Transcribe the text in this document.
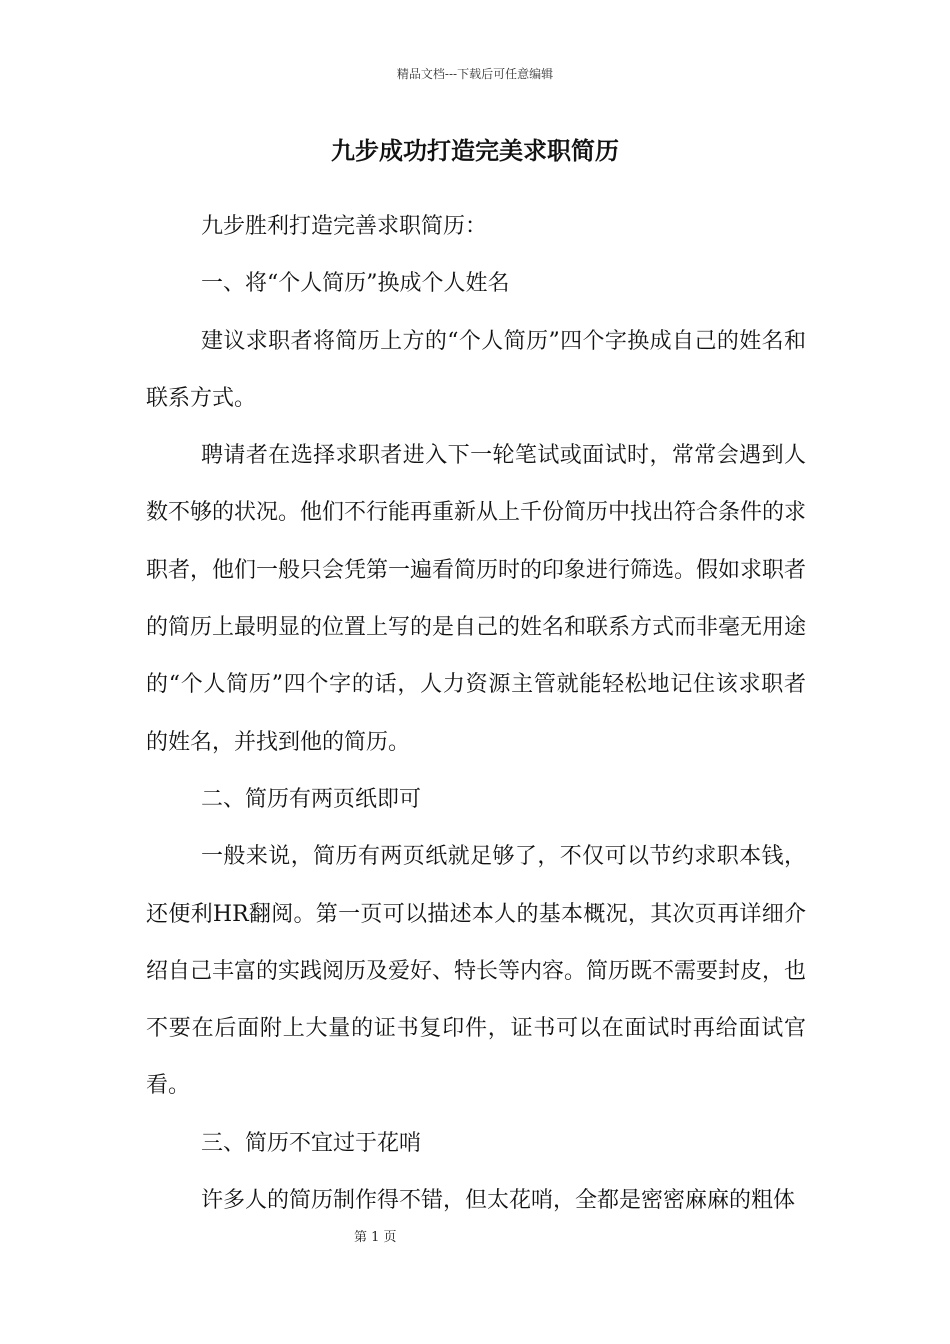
精品文档---下载后可任意编辑
九步成功打造完美求职简历

九步胜利打造完善求职简历：

一、将“个人简历”换成个人姓名

建议求职者将简历上方的“个人简历”四个字换成自己的姓名和联系方式。

聘请者在选择求职者进入下一轮笔试或面试时，常常会遇到人数不够的状况。他们不行能再重新从上千份简历中找出符合条件的求职者，他们一般只会凭第一遍看简历时的印象进行筛选。假如求职者的简历上最明显的位置上写的是自己的姓名和联系方式而非毫无用途的“个人简历”四个字的话，人力资源主管就能轻松地记住该求职者的姓名，并找到他的简历。

二、简历有两页纸即可

一般来说，简历有两页纸就足够了，不仅可以节约求职本钱，还便利HR翻阅。第一页可以描述本人的基本概况，其次页再详细介绍自己丰富的实践阅历及爱好、特长等内容。简历既不需要封皮，也不要在后面附上大量的证书复印件，证书可以在面试时再给面试官看。

三、简历不宜过于花哨

许多人的简历制作得不错，但太花哨，全都是密密麻麻的粗体

第 1 页
